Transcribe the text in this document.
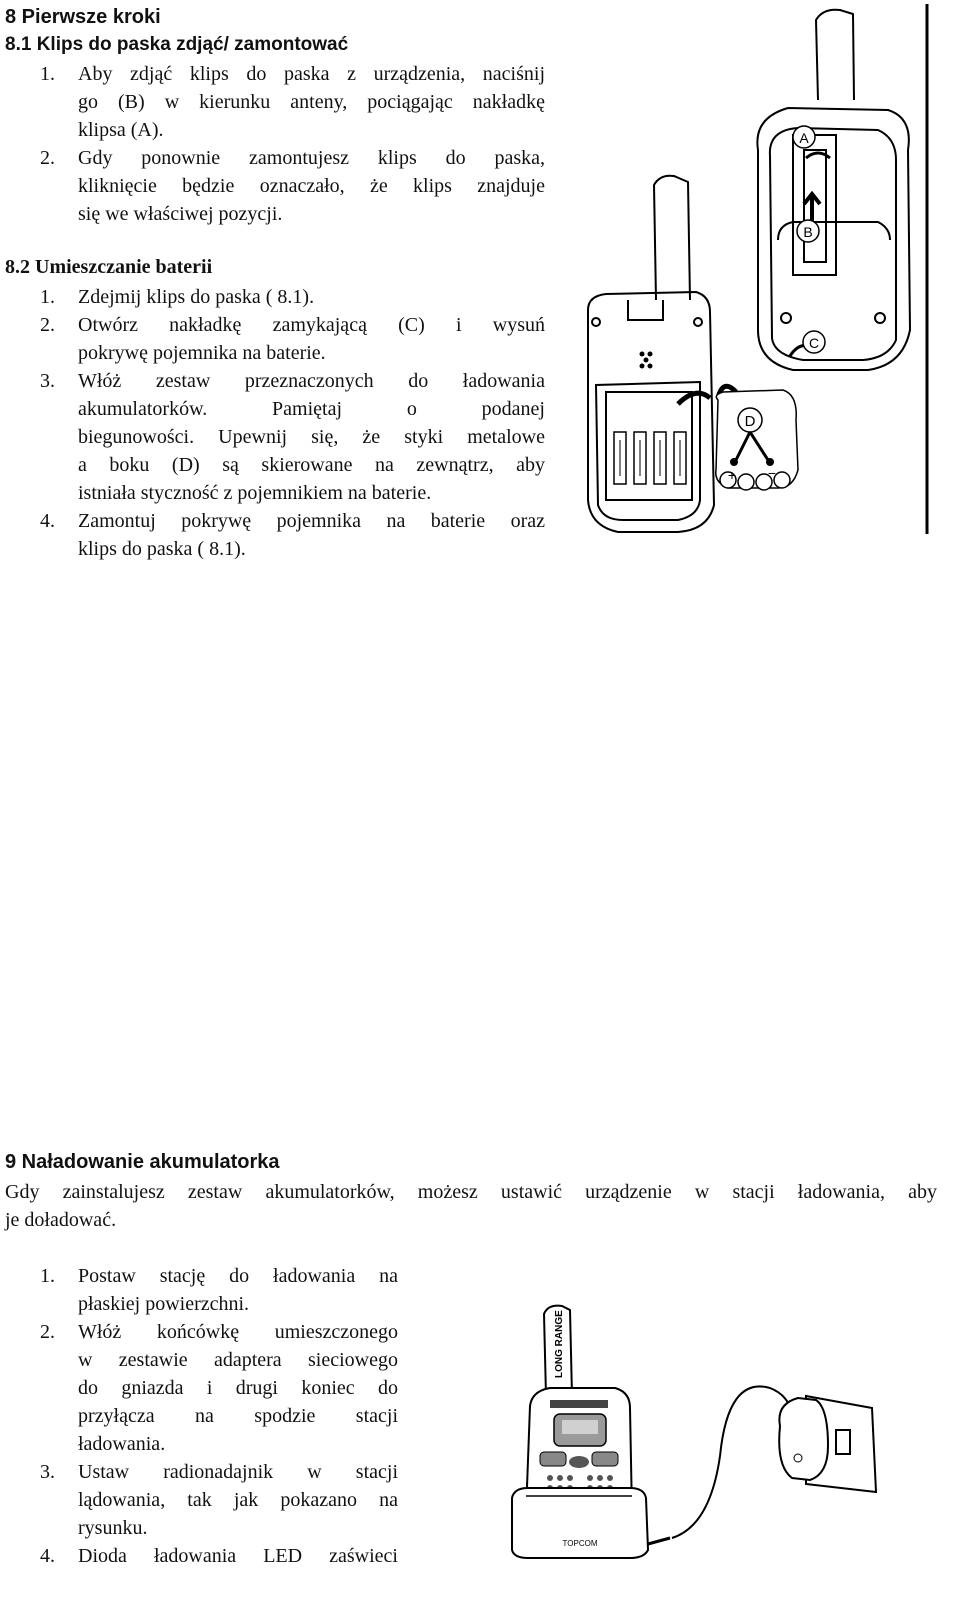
8 Pierwsze kroki
8.1 Klips do paska zdjąć/ zamontować
1. Aby zdjąć klips do paska z urządzenia, naciśnij
go (B) w kierunku anteny, pociągając nakładkę
klipsa (A).
2. Gdy ponownie zamontujesz klips do paska,
kliknięcie będzie oznaczało, że klips znajduje
się we właściwej pozycji.
8.2 Umieszczanie baterii
1. Zdejmij klips do paska ( 8.1).
2. Otwórz nakładkę zamykającą (C) i wysuń
pokrywę pojemnika na baterie.
3. Włóż zestaw przeznaczonych do ładowania
akumulatorków. Pamiętaj o podanej
biegunowości. Upewnij się, że styki metalowe
a boku (D) są skierowane na zewnątrz, aby
istniała styczność z pojemnikiem na baterie.
4. Zamontuj pokrywę pojemnika na baterie oraz
klips do paska ( 8.1).
A
B
C
D
+ −
9 Naładowanie akumulatorka
Gdy zainstalujesz zestaw akumulatorków, możesz ustawić urządzenie w stacji ładowania, aby
je doładować.
1. Postaw stację do ładowania na
płaskiej powierzchni.
2. Włóż końcówkę umieszczonego
w zestawie adaptera sieciowego
do gniazda i drugi koniec do
przyłącza na spodzie stacji
ładowania.
3. Ustaw radionadajnik w stacji
lądowania, tak jak pokazano na
rysunku.
4. Dioda ładowania LED zaświeci
LONG RANGE
TOPCOM
